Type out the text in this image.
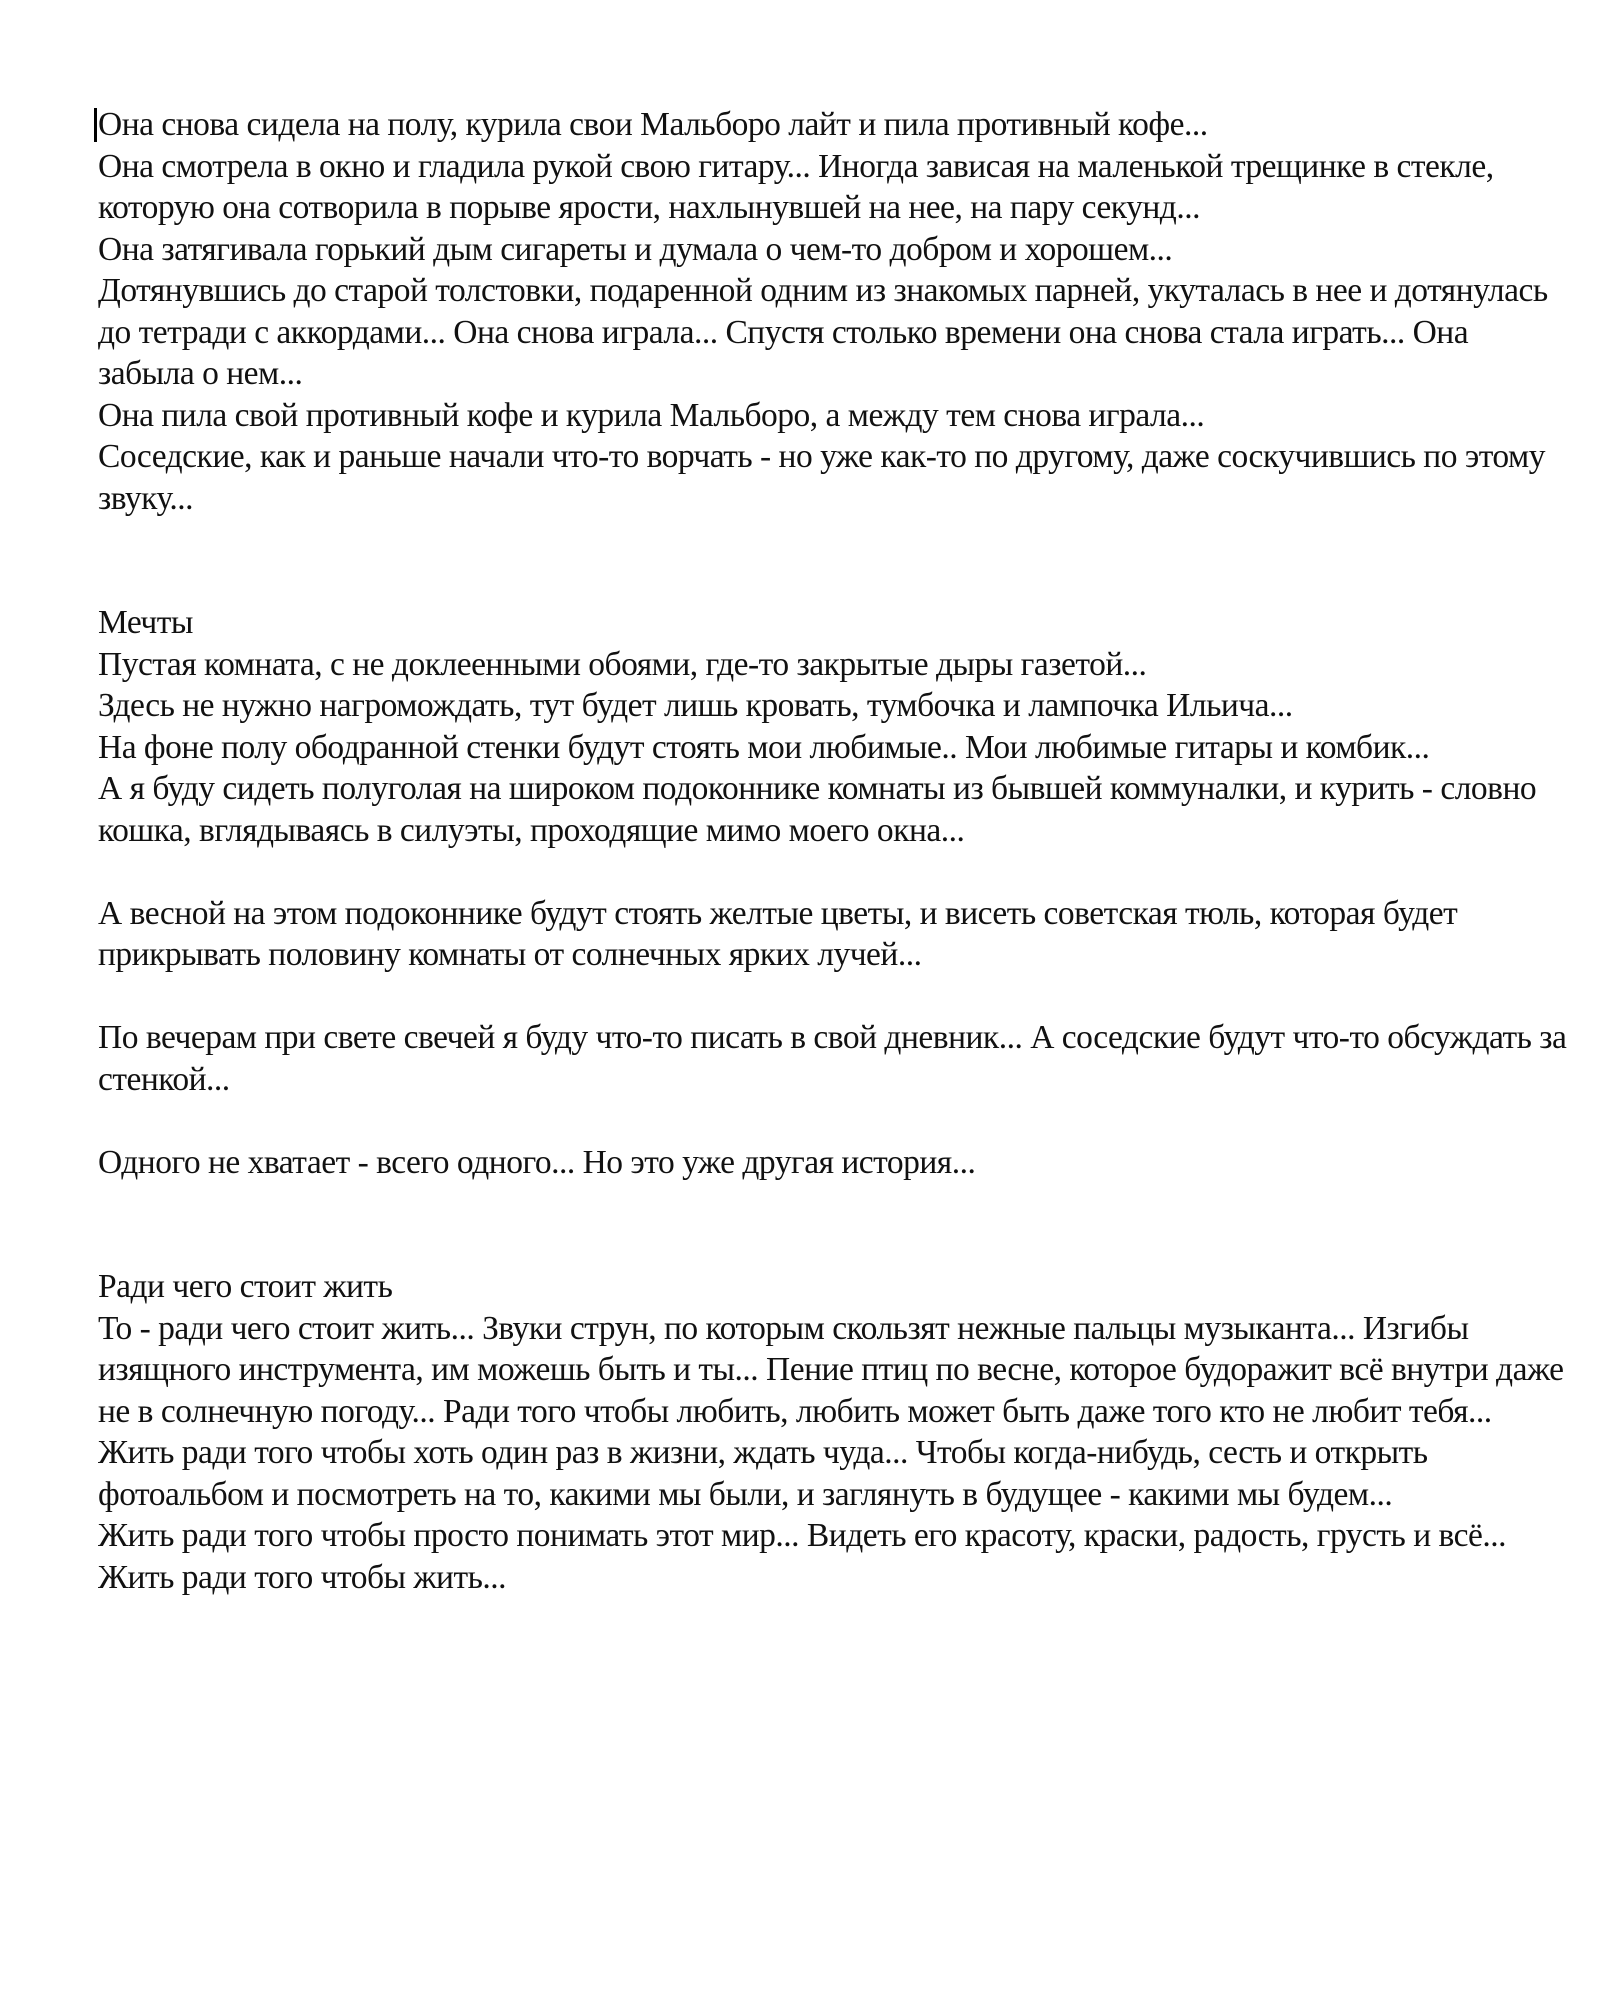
Она снова сидела на полу, курила свои Мальборо лайт и пила противный кофе...

Она смотрела в окно и гладила рукой свою гитару... Иногда зависая на маленькой трещинке в стекле, которую она сотворила в порыве ярости, нахлынувшей на нее, на пару секунд...

Она затягивала горький дым сигареты и думала о чем-то добром и хорошем...

Дотянувшись до старой толстовки, подаренной одним из знакомых парней, укуталась в нее и дотянулась до тетради с аккордами... Она снова играла... Спустя столько времени она снова стала играть... Она забыла о нем...

Она пила свой противный кофе и курила Мальборо, а между тем снова играла...

Соседские, как и раньше начали что-то ворчать - но уже как-то по другому, даже соскучившись по этому звуку...

Мечты

Пустая комната, с не доклеенными обоями, где-то закрытые дыры газетой...

Здесь не нужно нагромождать, тут будет лишь кровать, тумбочка и лампочка Ильича...

На фоне полу ободранной стенки будут стоять мои любимые.. Мои любимые гитары и комбик...

А я буду сидеть полуголая на широком подоконнике комнаты из бывшей коммуналки, и курить - словно кошка, вглядываясь в силуэты, проходящие мимо моего окна...

А весной на этом подоконнике будут стоять желтые цветы, и висеть советская тюль, которая будет прикрывать половину комнаты от солнечных ярких лучей...

По вечерам при свете свечей я буду что-то писать в свой дневник... А соседские будут что-то обсуждать за стенкой...

Одного не хватает - всего одного... Но это уже другая история...

Ради чего стоит жить

То - ради чего стоит жить... Звуки струн, по которым скользят нежные пальцы музыканта... Изгибы изящного инструмента, им можешь быть и ты... Пение птиц по весне, которое будоражит всё внутри даже не в солнечную погоду... Ради того чтобы любить, любить может быть даже того кто не любит тебя... Жить ради того чтобы хоть один раз в жизни, ждать чуда... Чтобы когда-нибудь, сесть и открыть фотоальбом и посмотреть на то, какими мы были, и заглянуть в будущее - какими мы будем...

Жить ради того чтобы просто понимать этот мир... Видеть его красоту, краски, радость, грусть и всё...

Жить ради того чтобы жить...
